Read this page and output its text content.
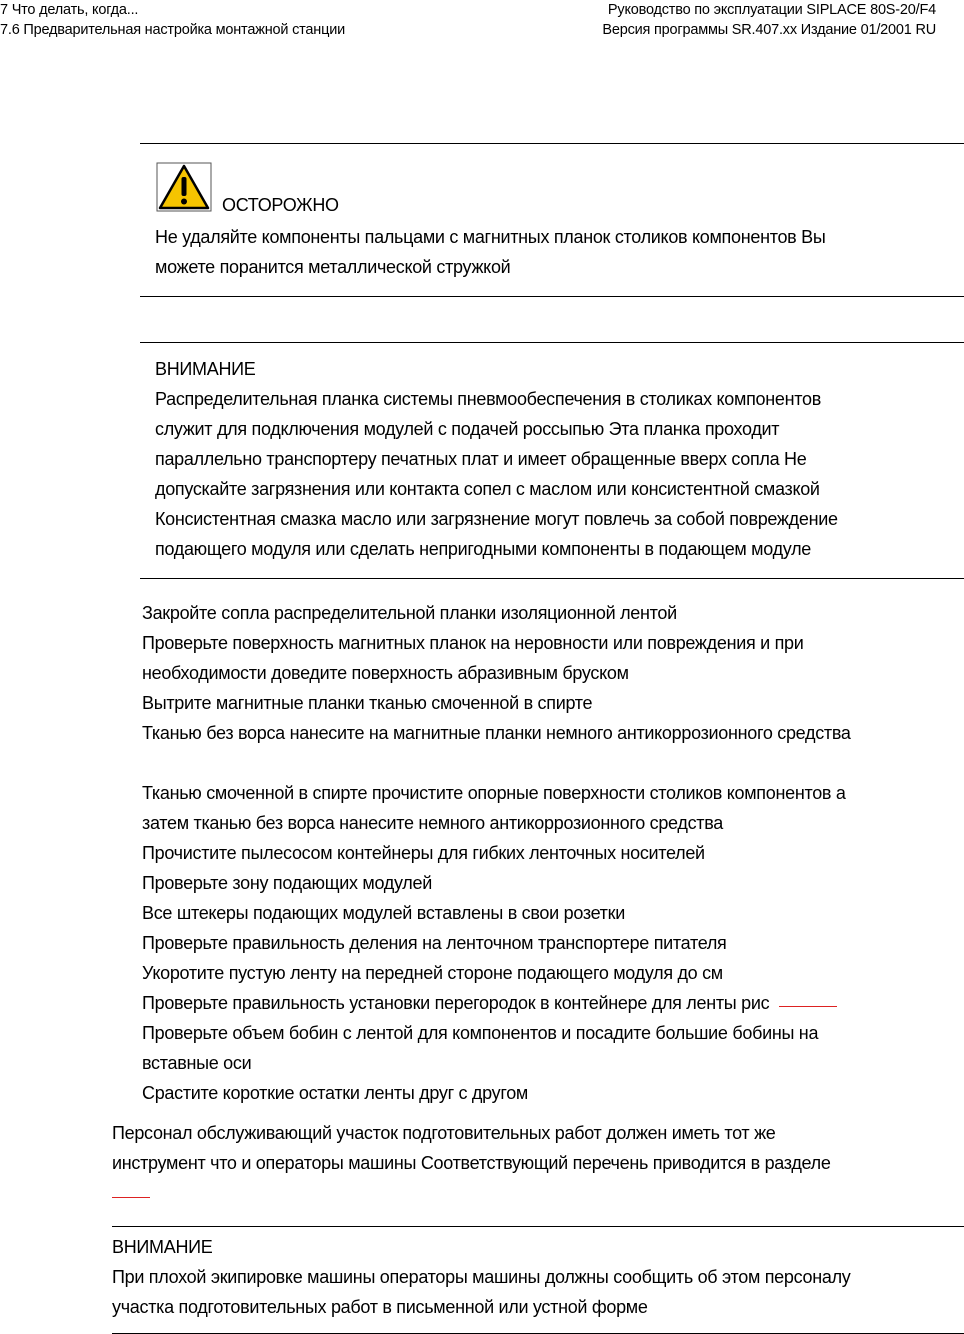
7 Что делать, когда...
7.6 Предварительная настройка монтажной станции
Руководство по эксплуатации SIPLACE 80S-20/F4
Версия программы SR.407.xx Издание 01/2001 RU
ОСТОРОЖНО
Не удаляйте компоненты пальцами с магнитных планок столиков компонентов Вы
можете поранится металлической стружкой
ВНИМАНИЕ
Распределительная планка системы пневмообеспечения в столиках компонентов
служит для подключения модулей с подачей россыпью Эта планка проходит
параллельно транспортеру печатных плат и имеет обращенные вверх сопла Не
допускайте загрязнения или контакта сопел с маслом или консистентной смазкой
Консистентная смазка масло или загрязнение могут повлечь за собой повреждение
подающего модуля или сделать непригодными компоненты в подающем модуле
Закройте сопла распределительной планки изоляционной лентой
Проверьте поверхность магнитных планок на неровности или повреждения и при
необходимости доведите поверхность абразивным бруском
Вытрите магнитные планки тканью смоченной в спирте
Тканью без ворса нанесите на магнитные планки немного антикоррозионного средства
Тканью смоченной в спирте прочистите опорные поверхности столиков компонентов а
затем тканью без ворса нанесите немного антикоррозионного средства
Прочистите пылесосом контейнеры для гибких ленточных носителей
Проверьте зону подающих модулей
Все штекеры подающих модулей вставлены в свои розетки
Проверьте правильность деления на ленточном транспортере питателя
Укоротите пустую ленту на передней стороне подающего модуля до см
Проверьте правильность установки перегородок в контейнере для ленты рис
Проверьте объем бобин с лентой для компонентов и посадите большие бобины на
вставные оси
Срастите короткие остатки ленты друг с другом
Персонал обслуживающий участок подготовительных работ должен иметь тот же
инструмент что и операторы машины Соответствующий перечень приводится в разделе
ВНИМАНИЕ
При плохой экипировке машины операторы машины должны сообщить об этом персоналу
участка подготовительных работ в письменной или устной форме
